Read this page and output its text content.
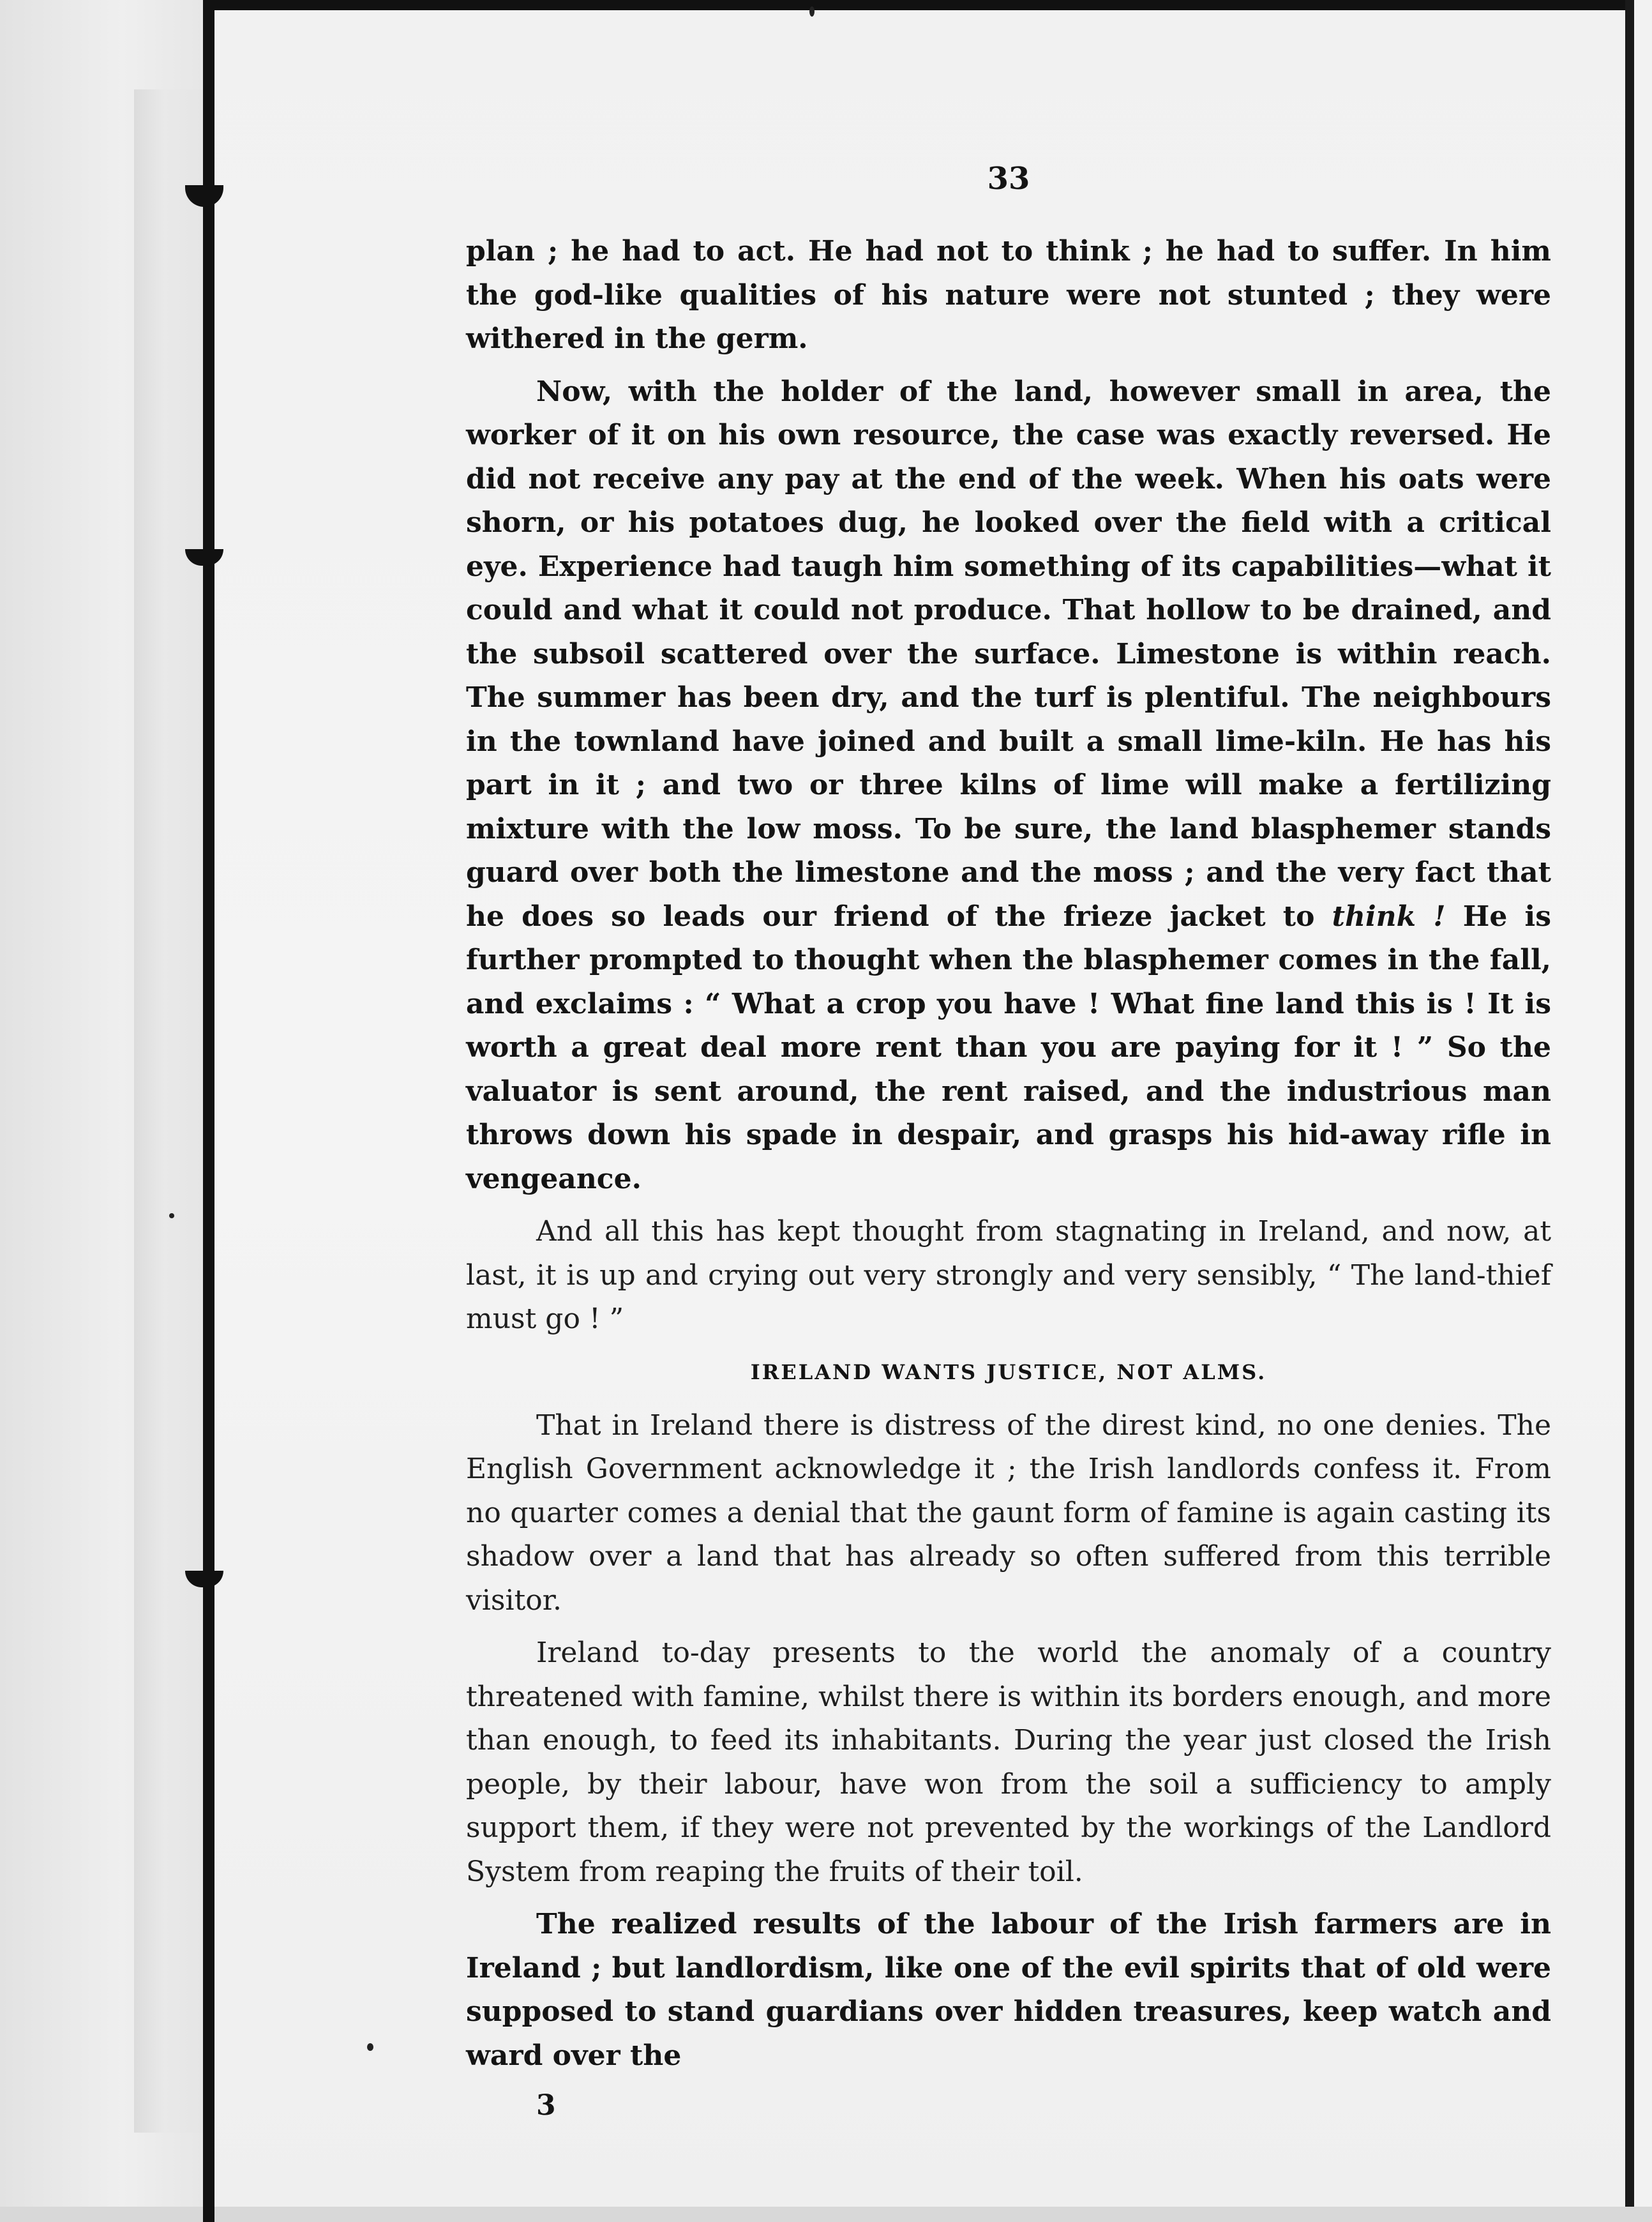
33

plan ; he had to act. He had not to think ; he had to suffer. In him the god-like qualities of his nature were not stunted ; they were withered in the germ.

Now, with the holder of the land, however small in area, the worker of it on his own resource, the case was exactly reversed. He did not receive any pay at the end of the week. When his oats were shorn, or his potatoes dug, he looked over the field with a critical eye. Experience had taugh him something of its capabilities—what it could and what it could not produce. That hollow to be drained, and the subsoil scattered over the surface. Limestone is within reach. The summer has been dry, and the turf is plentiful. The neighbours in the townland have joined and built a small lime-kiln. He has his part in it ; and two or three kilns of lime will make a fertilizing mixture with the low moss. To be sure, the land blasphemer stands guard over both the limestone and the moss ; and the very fact that he does so leads our friend of the frieze jacket to think ! He is further prompted to thought when the blasphemer comes in the fall, and exclaims : “ What a crop you have ! What fine land this is ! It is worth a great deal more rent than you are paying for it ! ” So the valuator is sent around, the rent raised, and the industrious man throws down his spade in despair, and grasps his hid-away rifle in vengeance.

And all this has kept thought from stagnating in Ireland, and now, at last, it is up and crying out very strongly and very sensibly, “ The land-thief must go ! ”

IRELAND WANTS JUSTICE, NOT ALMS.

That in Ireland there is distress of the direst kind, no one denies. The English Government acknowledge it ; the Irish landlords confess it. From no quarter comes a denial that the gaunt form of famine is again casting its shadow over a land that has already so often suffered from this terrible visitor.

Ireland to-day presents to the world the anomaly of a country threatened with famine, whilst there is within its borders enough, and more than enough, to feed its inhabitants. During the year just closed the Irish people, by their labour, have won from the soil a sufficiency to amply support them, if they were not prevented by the workings of the Landlord System from reaping the fruits of their toil.

The realized results of the labour of the Irish farmers are in Ireland ; but landlordism, like one of the evil spirits that of old were supposed to stand guardians over hidden treasures, keep watch and ward over the

3
